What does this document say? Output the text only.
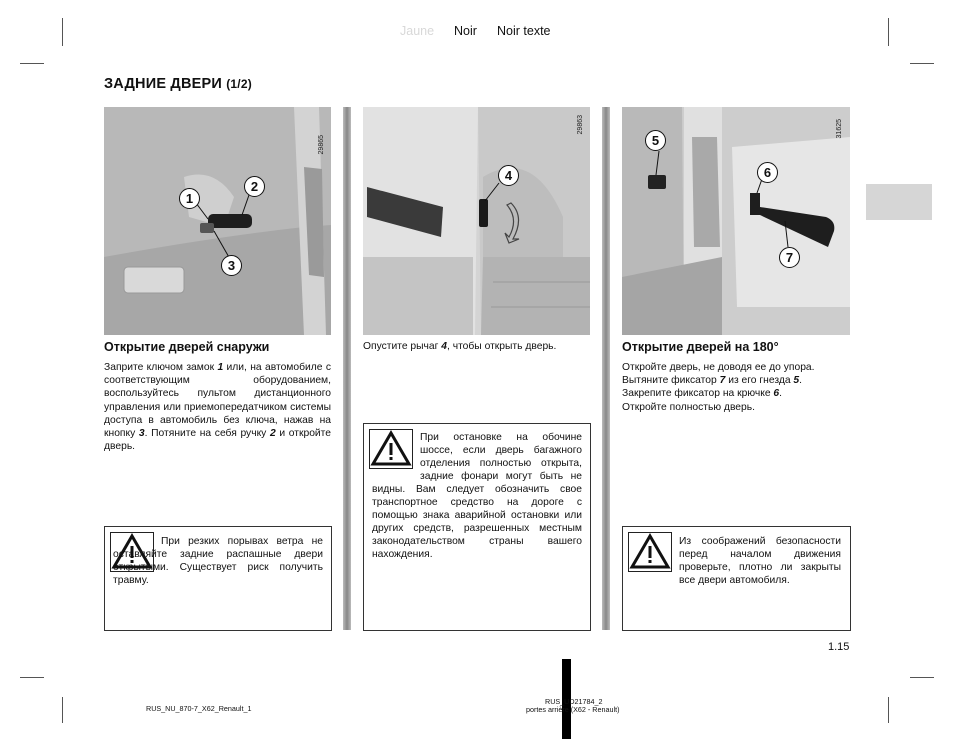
Jaune Noir Noir texte
ЗАДНИЕ ДВЕРИ (1/2)
29865
1
2
3
29863
4
31625
5
6
7
Открытие дверей снаружи

Заприте ключом замок 1 или, на автомобиле с соответствующим оборудованием, воспользуйтесь пультом дистанционного управления или приемопередатчиком системы доступа в автомобиль без ключа, нажав на кнопку 3. Потяните на себя ручку 2 и откройте дверь.

При резких порывах ветра не оставляйте задние распашные двери открытыми. Существует риск получить травму.

Опустите рычаг 4, чтобы открыть дверь.

При остановке на обочине шоссе, если дверь багажного отделения полностью открыта, задние фонари могут быть не видны. Вам следует обозначить свое транспортное средство на дороге с помощью знака аварийной остановки или других средств, разрешенных местным законодательством страны вашего нахождения.
Открытие дверей на 180°

Откройте дверь, не доводя ее до упора.

Вытяните фиксатор 7 из его гнезда 5.

Закрепите фиксатор на крючке 6.

Откройте полностью дверь.

Из соображений безопасности перед началом движения проверьте, плотно ли закрыты все двери автомобиля.
1.15
RUS_NU_870-7_X62_Renault_1
RUS_UD21784_2
portes arrière (X62 - Renault)
